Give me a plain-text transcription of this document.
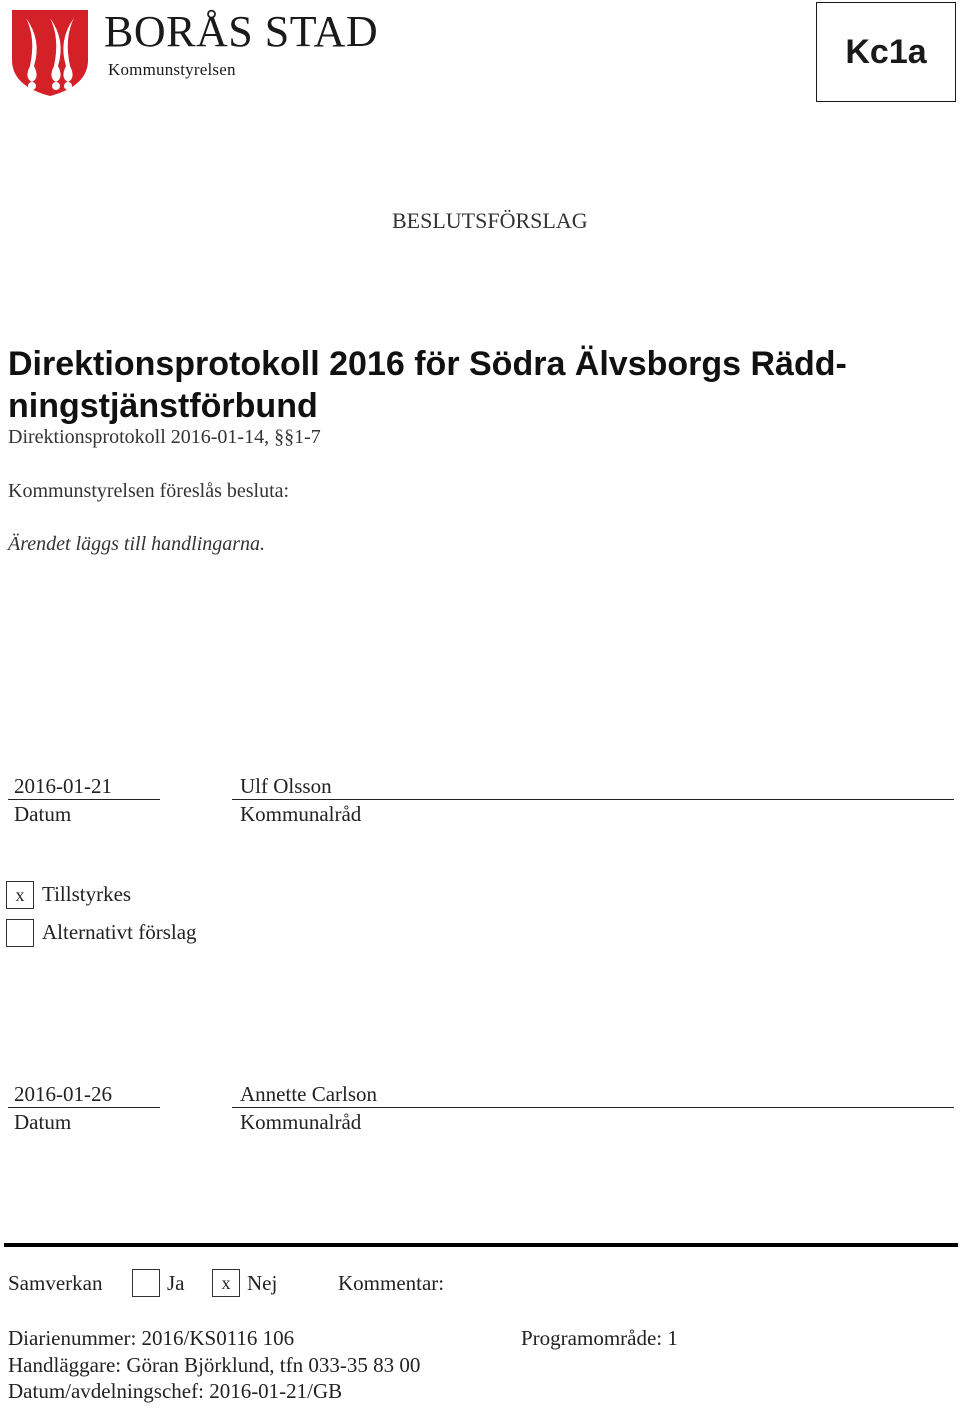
BORÅS STAD
Kommunstyrelsen	Kc1a
BESLUTSFÖRSLAG
Direktionsprotokoll 2016 för Södra Älvsborgs Rädd-
ningstjänstförbund
Direktionsprotokoll 2016-01-14, §§1-7
Kommunstyrelsen föreslås besluta:
Ärendet läggs till handlingarna.
2016-01-21
Datum
Ulf Olsson
Kommunalråd
x Tillstyrkes
Alternativt förslag
2016-01-26
Datum
Annette Carlson
Kommunalråd
Samverkan	Ja	x Nej	Kommentar:
Diarienummer: 2016/KS0116 106	Programområde: 1
Handläggare: Göran Björklund, tfn 033-35 83 00
Datum/avdelningschef: 2016-01-21/GB
